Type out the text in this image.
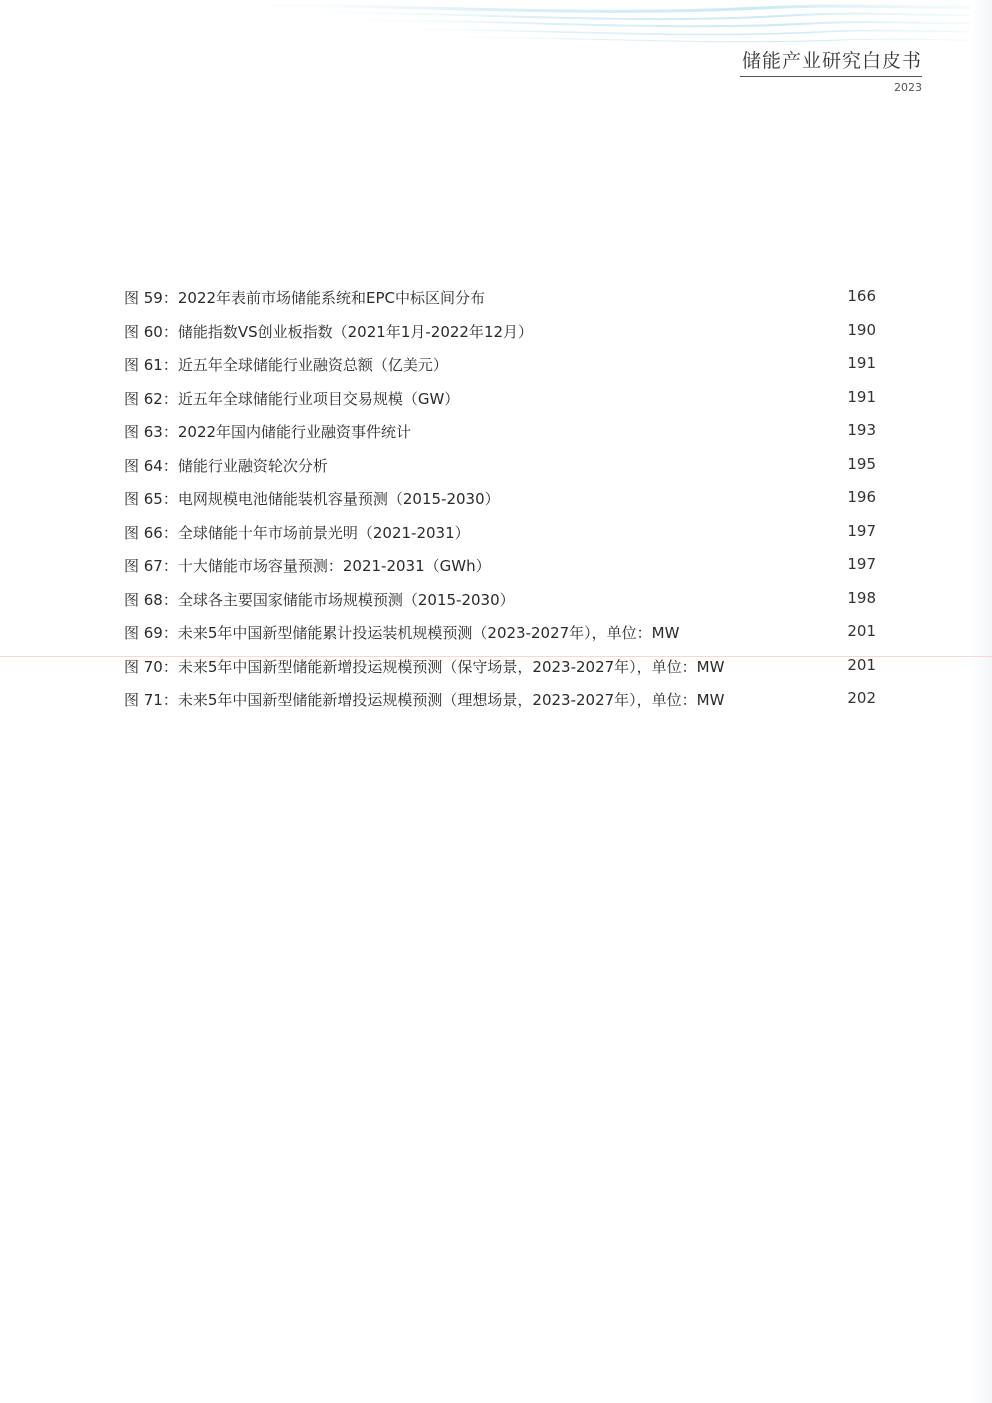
储能产业研究白皮书
2023
图 59：2022年表前市场储能系统和EPC中标区间分布	166
图 60：储能指数VS创业板指数（2021年1月-2022年12月）	190
图 61：近五年全球储能行业融资总额（亿美元）	191
图 62：近五年全球储能行业项目交易规模（GW）	191
图 63：2022年国内储能行业融资事件统计	193
图 64：储能行业融资轮次分析	195
图 65：电网规模电池储能装机容量预测（2015-2030）	196
图 66：全球储能十年市场前景光明（2021-2031）	197
图 67：十大储能市场容量预测：2021-2031（GWh）	197
图 68：全球各主要国家储能市场规模预测（2015-2030）	198
图 69：未来5年中国新型储能累计投运装机规模预测（2023-2027年），单位：MW	201
图 70：未来5年中国新型储能新增投运规模预测（保守场景，2023-2027年），单位：MW	201
图 71：未来5年中国新型储能新增投运规模预测（理想场景，2023-2027年），单位：MW	202
